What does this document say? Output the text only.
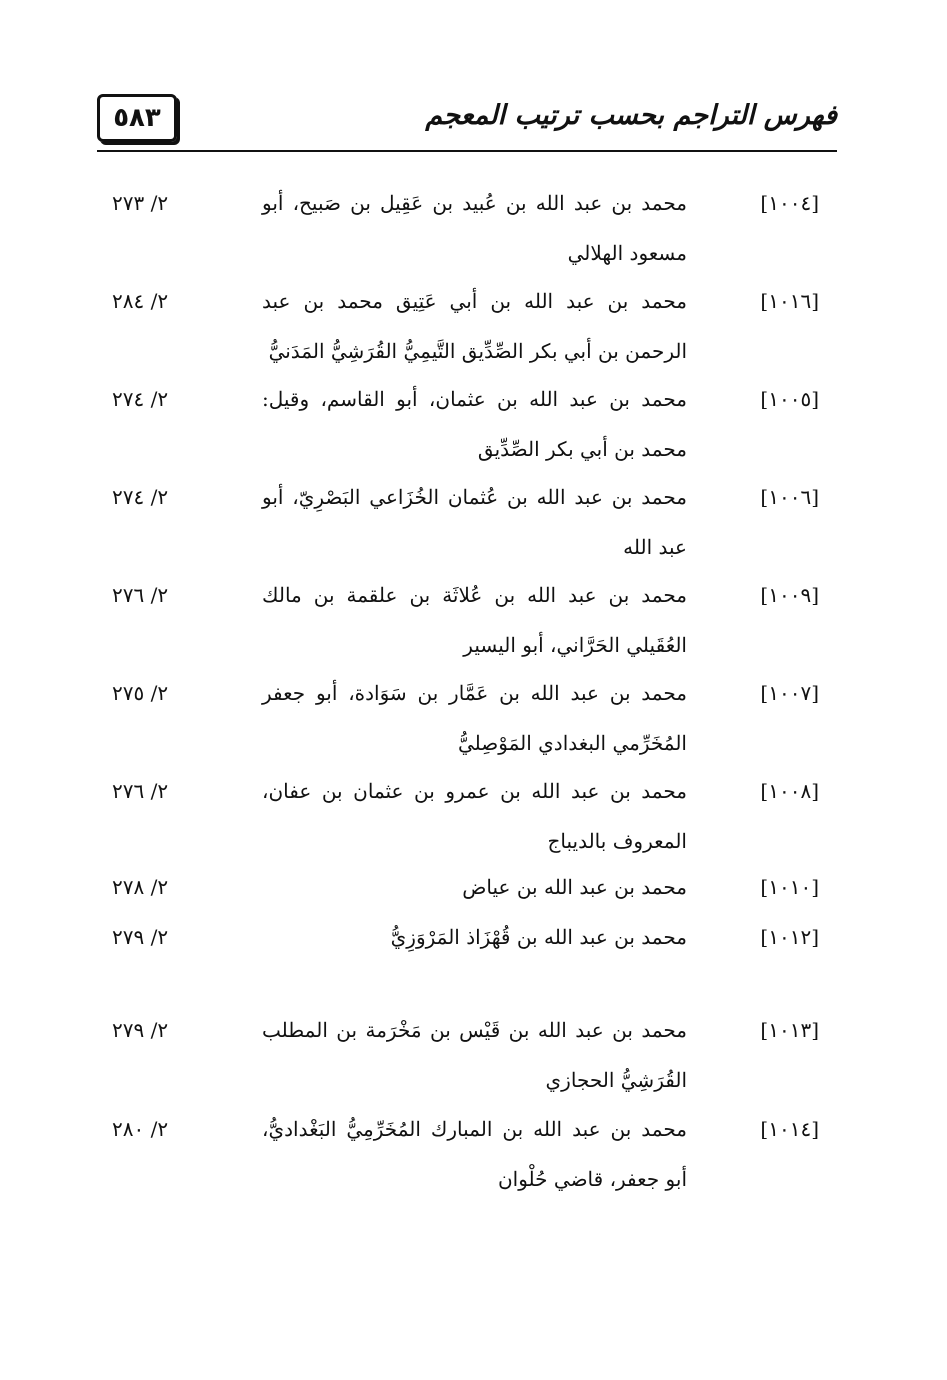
٥٨٣	فهرس التراجم بحسب ترتيب المعجم
[١٠٠٤]
محمد بن عبد الله بن عُبيد بن عَقِيل بن صَبيح، أبو مسعود الهلالي
٢/ ٢٧٣
[١٠١٦]
محمد بن عبد الله بن أبي عَتِيق محمد بن عبد الرحمن بن أبي بكر الصِّدِّيق التَّيمِيُّ القُرَشِيُّ المَدَنيُّ
٢/ ٢٨٤
[١٠٠٥]
محمد بن عبد الله بن عثمان، أبو القاسم، وقيل: محمد بن أبي بكر الصِّدِّيق
٢/ ٢٧٤
[١٠٠٦]
محمد بن عبد الله بن عُثمان الخُزَاعي البَصْرِيّ، أبو عبد الله
٢/ ٢٧٤
[١٠٠٩]
محمد بن عبد الله بن عُلاثَة بن علقمة بن مالك العُقَيلي الحَرَّاني، أبو اليسير
٢/ ٢٧٦
[١٠٠٧]
محمد بن عبد الله بن عَمَّار بن سَوَادة، أبو جعفر المُخَرِّمي البغدادي المَوْصِليُّ
٢/ ٢٧٥
[١٠٠٨]
محمد بن عبد الله بن عمرو بن عثمان بن عفان، المعروف بالديباج
٢/ ٢٧٦
[١٠١٠]
محمد بن عبد الله بن عياض
٢/ ٢٧٨
[١٠١٢]
محمد بن عبد الله بن قُهْزَاذ المَرْوَزِيُّ
٢/ ٢٧٩
[١٠١٣]
محمد بن عبد الله بن قَيْس بن مَخْرَمة بن المطلب القُرَشِيُّ الحجازي
٢/ ٢٧٩
[١٠١٤]
محمد بن عبد الله بن المبارك المُخَرِّمِيُّ البَغْداديُّ، أبو جعفر، قاضي حُلْوان
٢/ ٢٨٠
